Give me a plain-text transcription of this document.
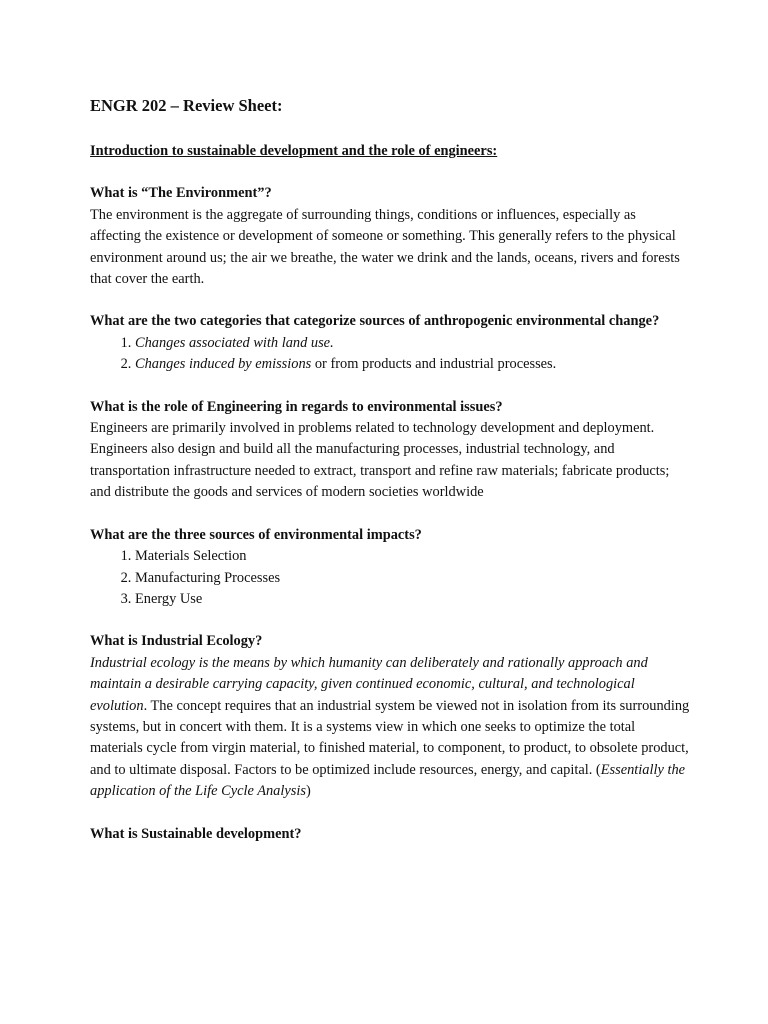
ENGR 202 – Review Sheet:

Introduction to sustainable development and the role of engineers:

What is “The Environment”?

The environment is the aggregate of surrounding things, conditions or influences, especially as affecting the existence or development of someone or something. This generally refers to the physical environment around us; the air we breathe, the water we drink and the lands, oceans, rivers and forests that cover the earth.

What are the two categories that categorize sources of anthropogenic environmental change?

1. Changes associated with land use.
2. Changes induced by emissions or from products and industrial processes.

What is the role of Engineering in regards to environmental issues?

Engineers are primarily involved in problems related to technology development and deployment. Engineers also design and build all the manufacturing processes, industrial technology, and transportation infrastructure needed to extract, transport and refine raw materials; fabricate products; and distribute the goods and services of modern societies worldwide

What are the three sources of environmental impacts?

1. Materials Selection
2. Manufacturing Processes
3. Energy Use

What is Industrial Ecology?

Industrial ecology is the means by which humanity can deliberately and rationally approach and maintain a desirable carrying capacity, given continued economic, cultural, and technological evolution. The concept requires that an industrial system be viewed not in isolation from its surrounding systems, but in concert with them. It is a systems view in which one seeks to optimize the total materials cycle from virgin material, to finished material, to component, to product, to obsolete product, and to ultimate disposal. Factors to be optimized include resources, energy, and capital. (Essentially the application of the Life Cycle Analysis)

What is Sustainable development?
